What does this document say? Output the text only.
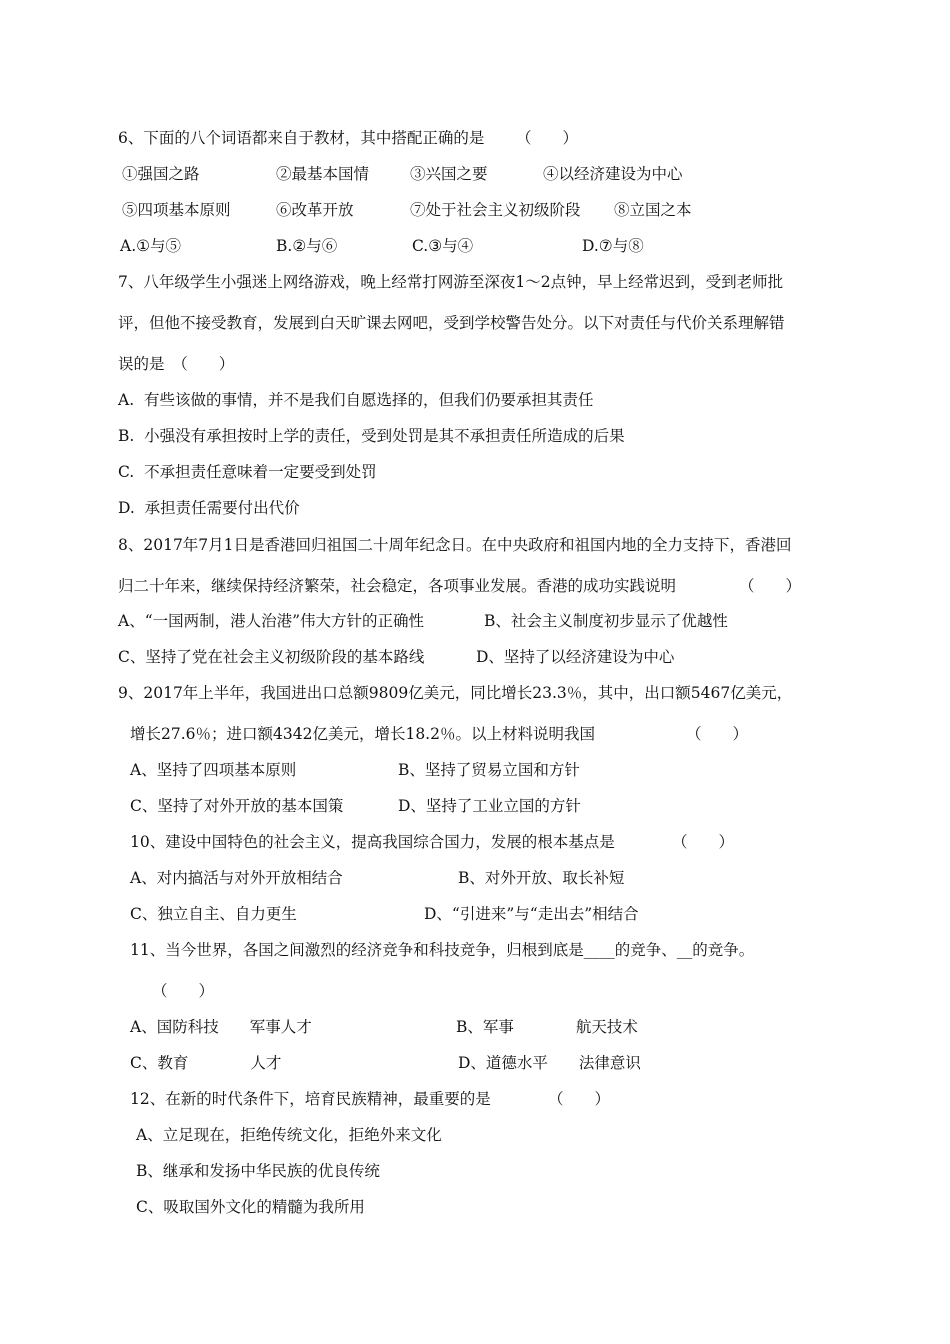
6、下面的八个词语都来自于教材，其中搭配正确的是 （　　）
①强国之路	②最基本国情	③兴国之要	④以经济建设为中心
⑤四项基本原则	⑥改革开放	⑦处于社会主义初级阶段 ⑧立国之本
A.①与⑤	B.②与⑥	C.③与④	D.⑦与⑧
7、八年级学生小强迷上网络游戏，晚上经常打网游至深夜1～2点钟，早上经常迟到，受到老师批
评，但他不接受教育，发展到白天旷课去网吧，受到学校警告处分。以下对责任与代价关系理解错
误的是　（　　）
A.  有些该做的事情，并不是我们自愿选择的，但我们仍要承担其责任
B.  小强没有承担按时上学的责任，受到处罚是其不承担责任所造成的后果
C.  不承担责任意味着一定要受到处罚
D.  承担责任需要付出代价
8、2017年7月1日是香港回归祖国二十周年纪念日。在中央政府和祖国内地的全力支持下，香港回
归二十年来，继续保持经济繁荣，社会稳定，各项事业发展。香港的成功实践说明	（　　）
A、“一国两制，港人治港”伟大方针的正确性	B、社会主义制度初步显示了优越性
C、坚持了党在社会主义初级阶段的基本路线	D、坚持了以经济建设为中心
9、2017年上半年，我国进出口总额9809亿美元，同比增长23.3％，其中，出口额5467亿美元，
增长27.6％；进口额4342亿美元，增长18.2％。以上材料说明我国	（　　）
A、坚持了四项基本原则	B、坚持了贸易立国和方针
C、坚持了对外开放的基本国策	D、坚持了工业立国的方针
10、建设中国特色的社会主义，提高我国综合国力，发展的根本基点是	（　　）
A、对内搞活与对外开放相结合	B、对外开放、取长补短
C、独立自主、自力更生	D、“引进来”与“走出去”相结合
11、当今世界，各国之间激烈的经济竞争和科技竞争，归根到底是____的竞争、__的竞争。
（　　）
A、国防科技　　军事人才	B、军事　　　　航天技术
C、教育　　　　人才	D、道德水平　　法律意识
12、在新的时代条件下，培育民族精神，最重要的是	（　　）
A、立足现在，拒绝传统文化，拒绝外来文化
B、继承和发扬中华民族的优良传统
C、吸取国外文化的精髓为我所用
